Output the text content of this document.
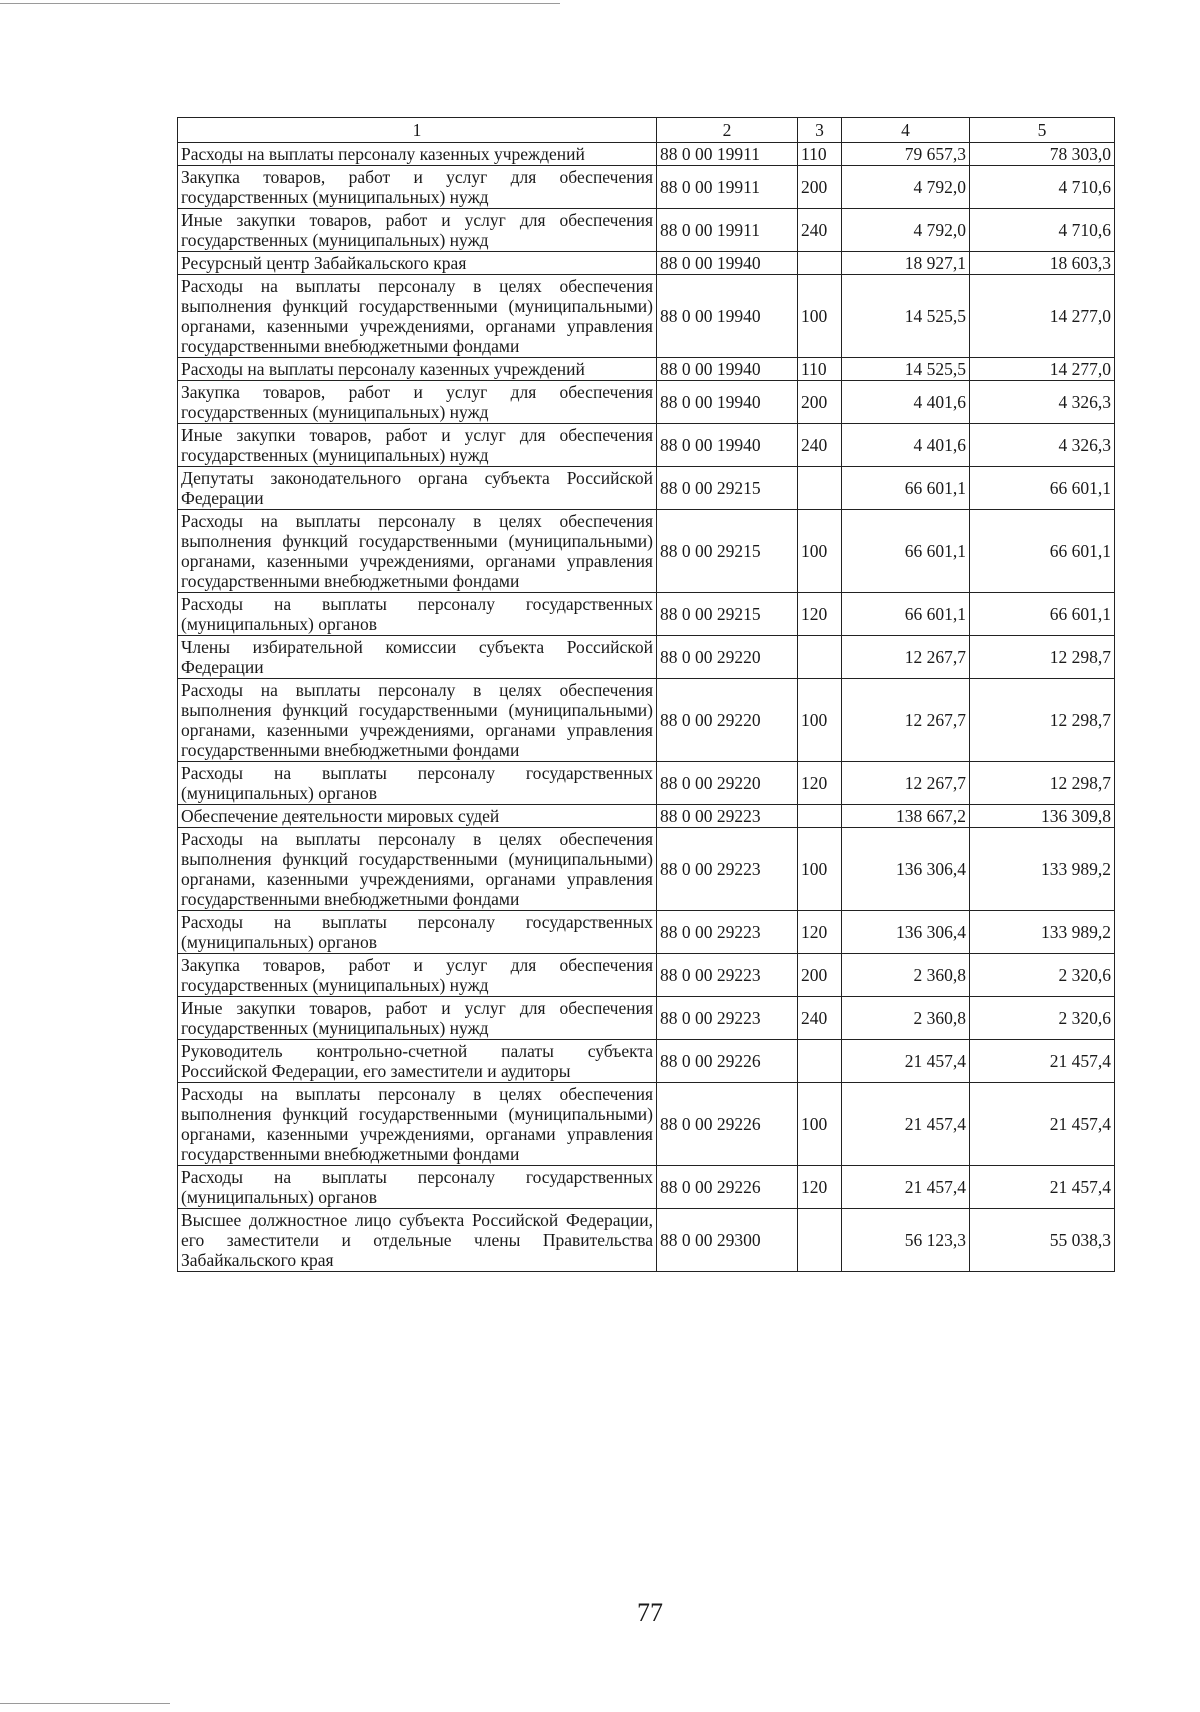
1	2	3	4	5
Расходы на выплаты персоналу казенных учреждений	88 0 00 19911	110	79 657,3	78 303,0
Закупка товаров, работ и услуг для обеспечения государственных (муниципальных) нужд	88 0 00 19911	200	4 792,0	4 710,6
Иные закупки товаров, работ и услуг для обеспечения государственных (муниципальных) нужд	88 0 00 19911	240	4 792,0	4 710,6
Ресурсный центр Забайкальского края	88 0 00 19940		18 927,1	18 603,3
Расходы на выплаты персоналу в целях обеспечения выполнения функций государственными (муниципальными) органами, казенными учреждениями, органами управления государственными внебюджетными фондами	88 0 00 19940	100	14 525,5	14 277,0
Расходы на выплаты персоналу казенных учреждений	88 0 00 19940	110	14 525,5	14 277,0
Закупка товаров, работ и услуг для обеспечения государственных (муниципальных) нужд	88 0 00 19940	200	4 401,6	4 326,3
Иные закупки товаров, работ и услуг для обеспечения государственных (муниципальных) нужд	88 0 00 19940	240	4 401,6	4 326,3
Депутаты законодательного органа субъекта Российской Федерации	88 0 00 29215		66 601,1	66 601,1
Расходы на выплаты персоналу в целях обеспечения выполнения функций государственными (муниципальными) органами, казенными учреждениями, органами управления государственными внебюджетными фондами	88 0 00 29215	100	66 601,1	66 601,1
Расходы на выплаты персоналу государственных (муниципальных) органов	88 0 00 29215	120	66 601,1	66 601,1
Члены избирательной комиссии субъекта Российской Федерации	88 0 00 29220		12 267,7	12 298,7
Расходы на выплаты персоналу в целях обеспечения выполнения функций государственными (муниципальными) органами, казенными учреждениями, органами управления государственными внебюджетными фондами	88 0 00 29220	100	12 267,7	12 298,7
Расходы на выплаты персоналу государственных (муниципальных) органов	88 0 00 29220	120	12 267,7	12 298,7
Обеспечение деятельности мировых судей	88 0 00 29223		138 667,2	136 309,8
Расходы на выплаты персоналу в целях обеспечения выполнения функций государственными (муниципальными) органами, казенными учреждениями, органами управления государственными внебюджетными фондами	88 0 00 29223	100	136 306,4	133 989,2
Расходы на выплаты персоналу государственных (муниципальных) органов	88 0 00 29223	120	136 306,4	133 989,2
Закупка товаров, работ и услуг для обеспечения государственных (муниципальных) нужд	88 0 00 29223	200	2 360,8	2 320,6
Иные закупки товаров, работ и услуг для обеспечения государственных (муниципальных) нужд	88 0 00 29223	240	2 360,8	2 320,6
Руководитель контрольно-счетной палаты субъекта Российской Федерации, его заместители и аудиторы	88 0 00 29226		21 457,4	21 457,4
Расходы на выплаты персоналу в целях обеспечения выполнения функций государственными (муниципальными) органами, казенными учреждениями, органами управления государственными внебюджетными фондами	88 0 00 29226	100	21 457,4	21 457,4
Расходы на выплаты персоналу государственных (муниципальных) органов	88 0 00 29226	120	21 457,4	21 457,4
Высшее должностное лицо субъекта Российской Федерации, его заместители и отдельные члены Правительства Забайкальского края	88 0 00 29300		56 123,3	55 038,3
77
